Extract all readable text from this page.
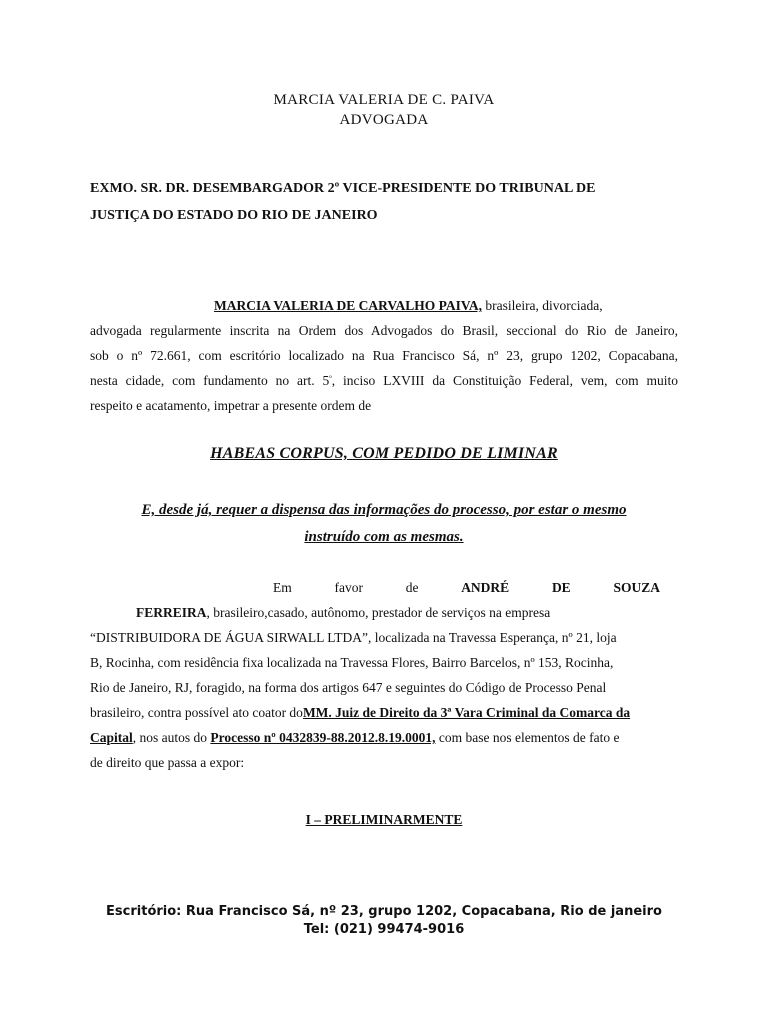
MARCIA VALERIA DE C. PAIVA
ADVOGADA
EXMO. SR. DR. DESEMBARGADOR 2º VICE-PRESIDENTE DO TRIBUNAL DE
JUSTIÇA DO ESTADO DO RIO DE JANEIRO
MARCIA VALERIA DE CARVALHO PAIVA, brasileira, divorciada,
advogada regularmente inscrita na Ordem dos Advogados do Brasil, seccional do Rio de Janeiro,
sob o nº 72.661, com escritório localizado na Rua Francisco Sá, nº 23, grupo 1202, Copacabana,
nesta cidade, com fundamento no art. $5^º$, inciso LXVIII da Constituição Federal, vem, com muito
respeito e acatamento, impetrar a presente ordem de
HABEAS CORPUS, COM PEDIDO DE LIMINAR
E, desde já, requer a dispensa das informações do processo, por estar o mesmo
instruído com as mesmas.
Em	favor	de	ANDRÉ	DE	SOUZA
FERREIRA, brasileiro,casado, autônomo, prestador de serviços na empresa
“DISTRIBUIDORA DE ÁGUA SIRWALL LTDA”, localizada na Travessa Esperança, nº 21, loja
B, Rocinha, com residência fixa localizada na Travessa Flores, Bairro Barcelos, nº 153, Rocinha,
Rio de Janeiro, RJ, foragido, na forma dos artigos 647 e seguintes do Código de Processo Penal
brasileiro, contra possível ato coator doMM. Juiz de Direito da 3ª Vara Criminal da Comarca da
Capital, nos autos do Processo nº 0432839-88.2012.8.19.0001, com base nos elementos de fato e
de direito que passa a expor:
I – PRELIMINARMENTE
Escritório: Rua Francisco Sá, nº 23, grupo 1202, Copacabana, Rio de janeiro
Tel: (021) 99474-9016
